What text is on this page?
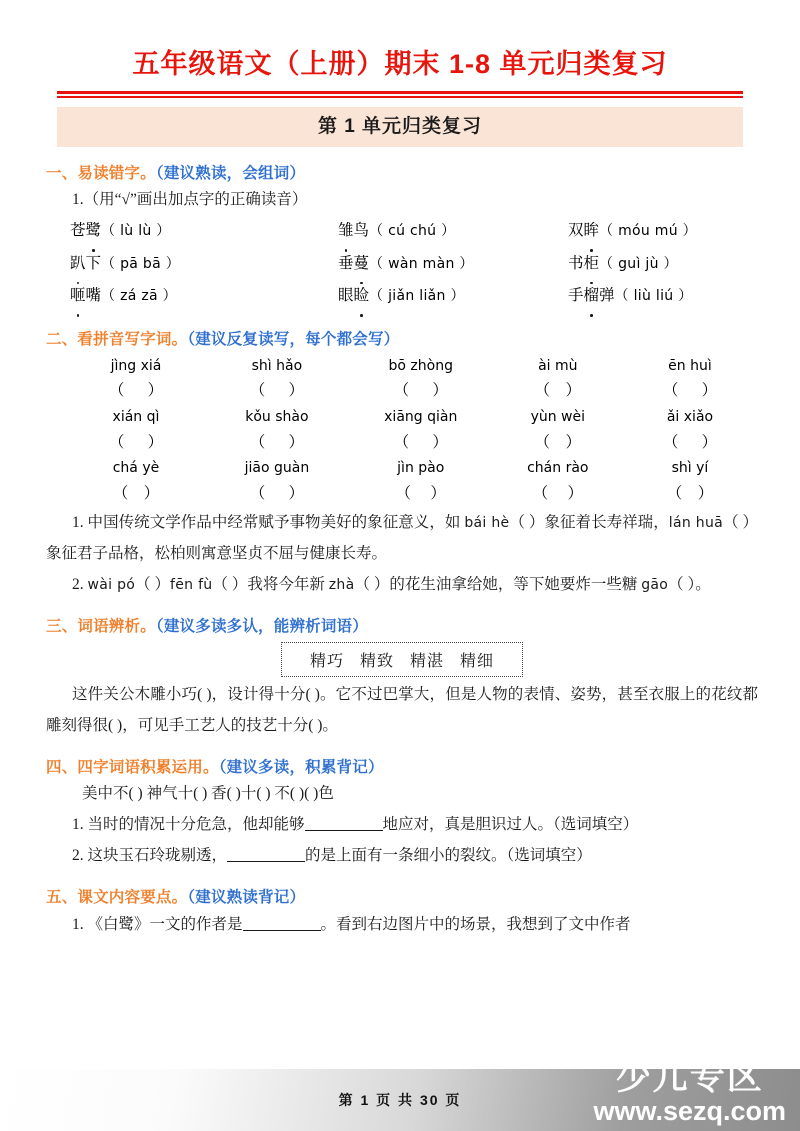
五年级语文（上册）期末 1-8 单元归类复习
第 1 单元归类复习
一、易读错字。（建议熟读，会组词）
1.（用“√”画出加点字的正确读音）
苍鹭（ lù lù ）	雏鸟（ cú chú ）	双眸（ móu mú ）
趴下（ pā bā ）	垂蔓（ wàn màn ）	书柜（ guì jù ）
咂嘴（ zá zā ）	眼睑（ jiǎn liǎn ）	手榴弹（ liù liú ）
二、看拼音写字词。（建议反复读写，每个都会写）
jìng xiá	shì hǎo	bō zhòng	ài mù	ēn huì
（      ）	（      ）	（      ）	（    ）	（      ）
xián qì	kǒu shào	xiāng qiàn	yùn wèi	ǎi xiǎo
（      ）	（      ）	（      ）	（    ）	（      ）
chá yè	jiāo guàn	jìn pào	chán rào	shì yí
（    ）	（      ）	（     ）	（     ）	（    ）
1. 中国传统文学作品中经常赋予事物美好的象征意义，如 bái hè（ ）象征着长寿祥瑞，lán huā（ ）象征君子品格，松柏则寓意坚贞不屈与健康长寿。
2. wài pó（ ）fēn fù（ ）我将今年新 zhà（ ）的花生油拿给她，等下她要炸一些糖 gāo（ ）。
三、词语辨析。（建议多读多认，能辨析词语）
精巧 精致 精湛 精细
这件关公木雕小巧( )，设计得十分( )。它不过巴掌大，但是人物的表情、姿势，甚至衣服上的花纹都雕刻得很( )，可见手工艺人的技艺十分( )。
四、四字词语积累运用。（建议多读，积累背记）
美中不( ) 神气十( ) 香( )十( ) 不( )( )色
1. 当时的情况十分危急，他却能够	地应对，真是胆识过人。（选词填空）
2. 这块玉石玲珑剔透，	的是上面有一条细小的裂纹。（选词填空）
五、课文内容要点。（建议熟读背记）
1. 《白鹭》一文的作者是	。看到右边图片中的场景，我想到了文中作者
第 1 页 共 30 页
少儿专区
www.sezq.com
